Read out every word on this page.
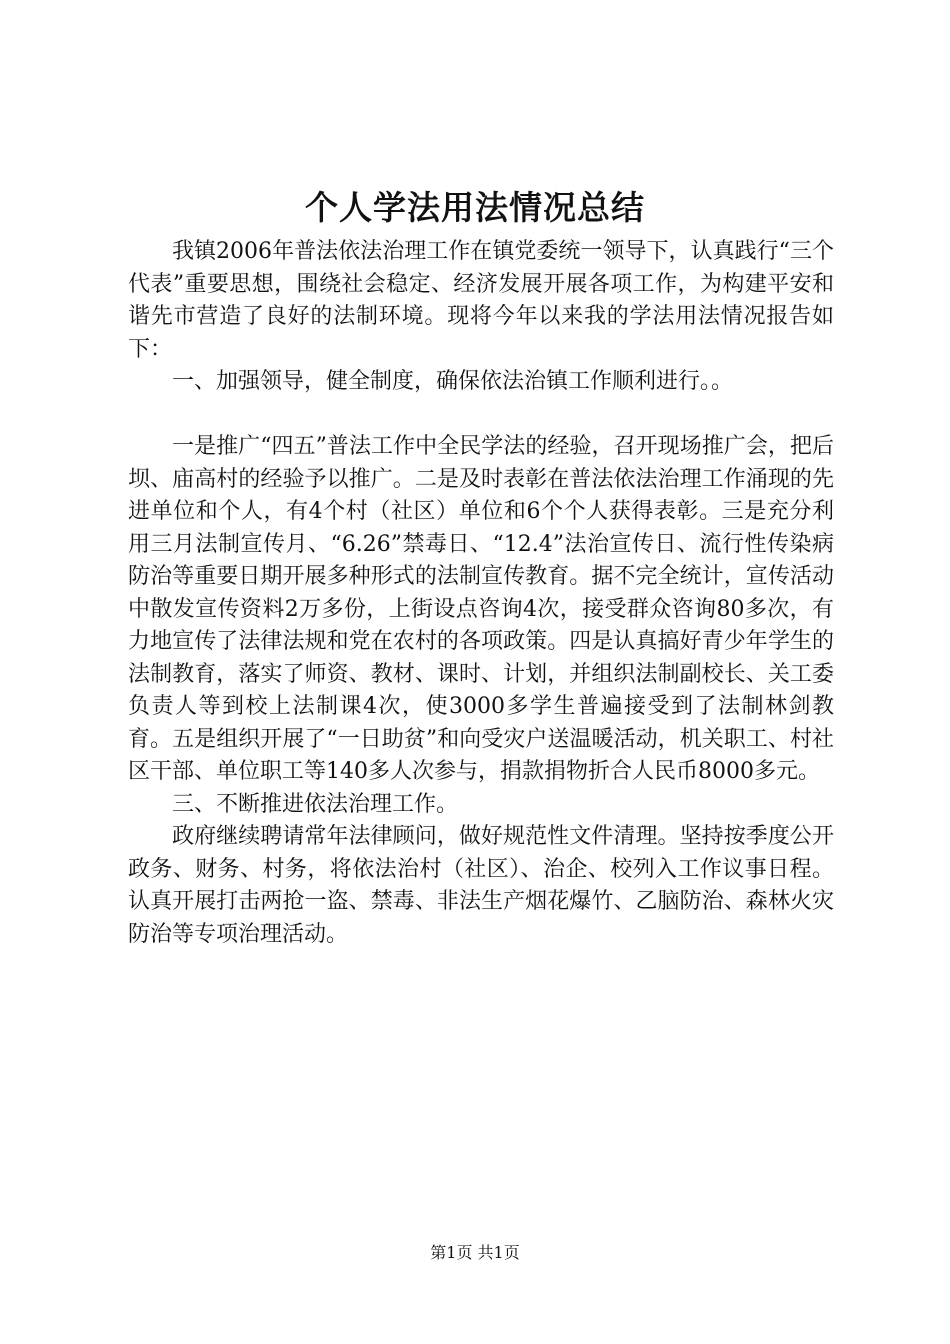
个人学法用法情况总结

我镇2006年普法依法治理工作在镇党委统一领导下，认真践行“三个代表”重要思想，围绕社会稳定、经济发展开展各项工作，为构建平安和谐先市营造了良好的法制环境。现将今年以来我的学法用法情况报告如下：

一、加强领导，健全制度，确保依法治镇工作顺利进行。。

一是推广“四五”普法工作中全民学法的经验，召开现场推广会，把后坝、庙高村的经验予以推广。二是及时表彰在普法依法治理工作涌现的先进单位和个人，有4个村（社区）单位和6个个人获得表彰。三是充分利用三月法制宣传月、“6.26”禁毒日、“12.4”法治宣传日、流行性传染病防治等重要日期开展多种形式的法制宣传教育。据不完全统计，宣传活动中散发宣传资料2万多份，上街设点咨询4次，接受群众咨询80多次，有力地宣传了法律法规和党在农村的各项政策。四是认真搞好青少年学生的法制教育，落实了师资、教材、课时、计划，并组织法制副校长、关工委负责人等到校上法制课4次，使3000多学生普遍接受到了法制林剑教育。五是组织开展了“一日助贫”和向受灾户送温暖活动，机关职工、村社区干部、单位职工等140多人次参与，捐款捐物折合人民币8000多元。

三、不断推进依法治理工作。

政府继续聘请常年法律顾问，做好规范性文件清理。坚持按季度公开政务、财务、村务，将依法治村（社区）、治企、校列入工作议事日程。认真开展打击两抢一盗、禁毒、非法生产烟花爆竹、乙脑防治、森林火灾防治等专项治理活动。

第1页 共1页
